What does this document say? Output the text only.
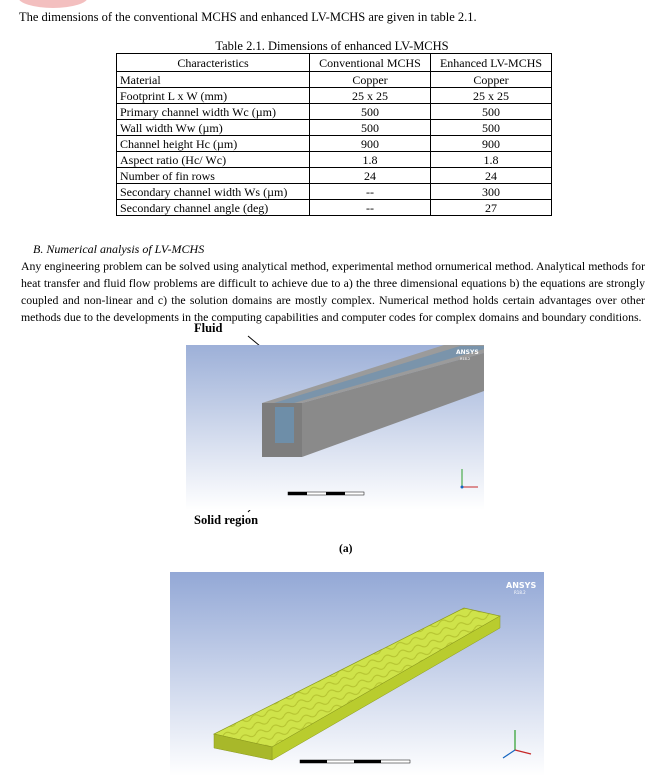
The dimensions of the conventional MCHS and enhanced LV-MCHS are given in table 2.1.
Table 2.1. Dimensions of enhanced LV-MCHS
Characteristics	Conventional MCHS	Enhanced LV-MCHS
Material	Copper	Copper
Footprint L x W (mm)	25 x 25	25 x 25
Primary channel width Wc (µm)	500	500
Wall width Ww (µm)	500	500
Channel height Hc (µm)	900	900
Aspect ratio (Hc/ Wc)	1.8	1.8
Number of fin rows	24	24
Secondary channel width Ws (µm)	--	300
Secondary channel angle (deg)	--	27
B. Numerical analysis of LV-MCHS
Any engineering problem can be solved using analytical method, experimental method ornumerical method. Analytical methods for heat transfer and fluid flow problems are difficult to achieve due to a) the three dimensional equations b) the equations are strongly coupled and non-linear and c) the solution domains are mostly complex. Numerical method holds certain advantages over other methods due to the developments in the computing capabilities and computer codes for complex domains and boundary conditions.
Fluid
Solid region
ANSYS
R18.2
(a)
ANSYS
R18.2
